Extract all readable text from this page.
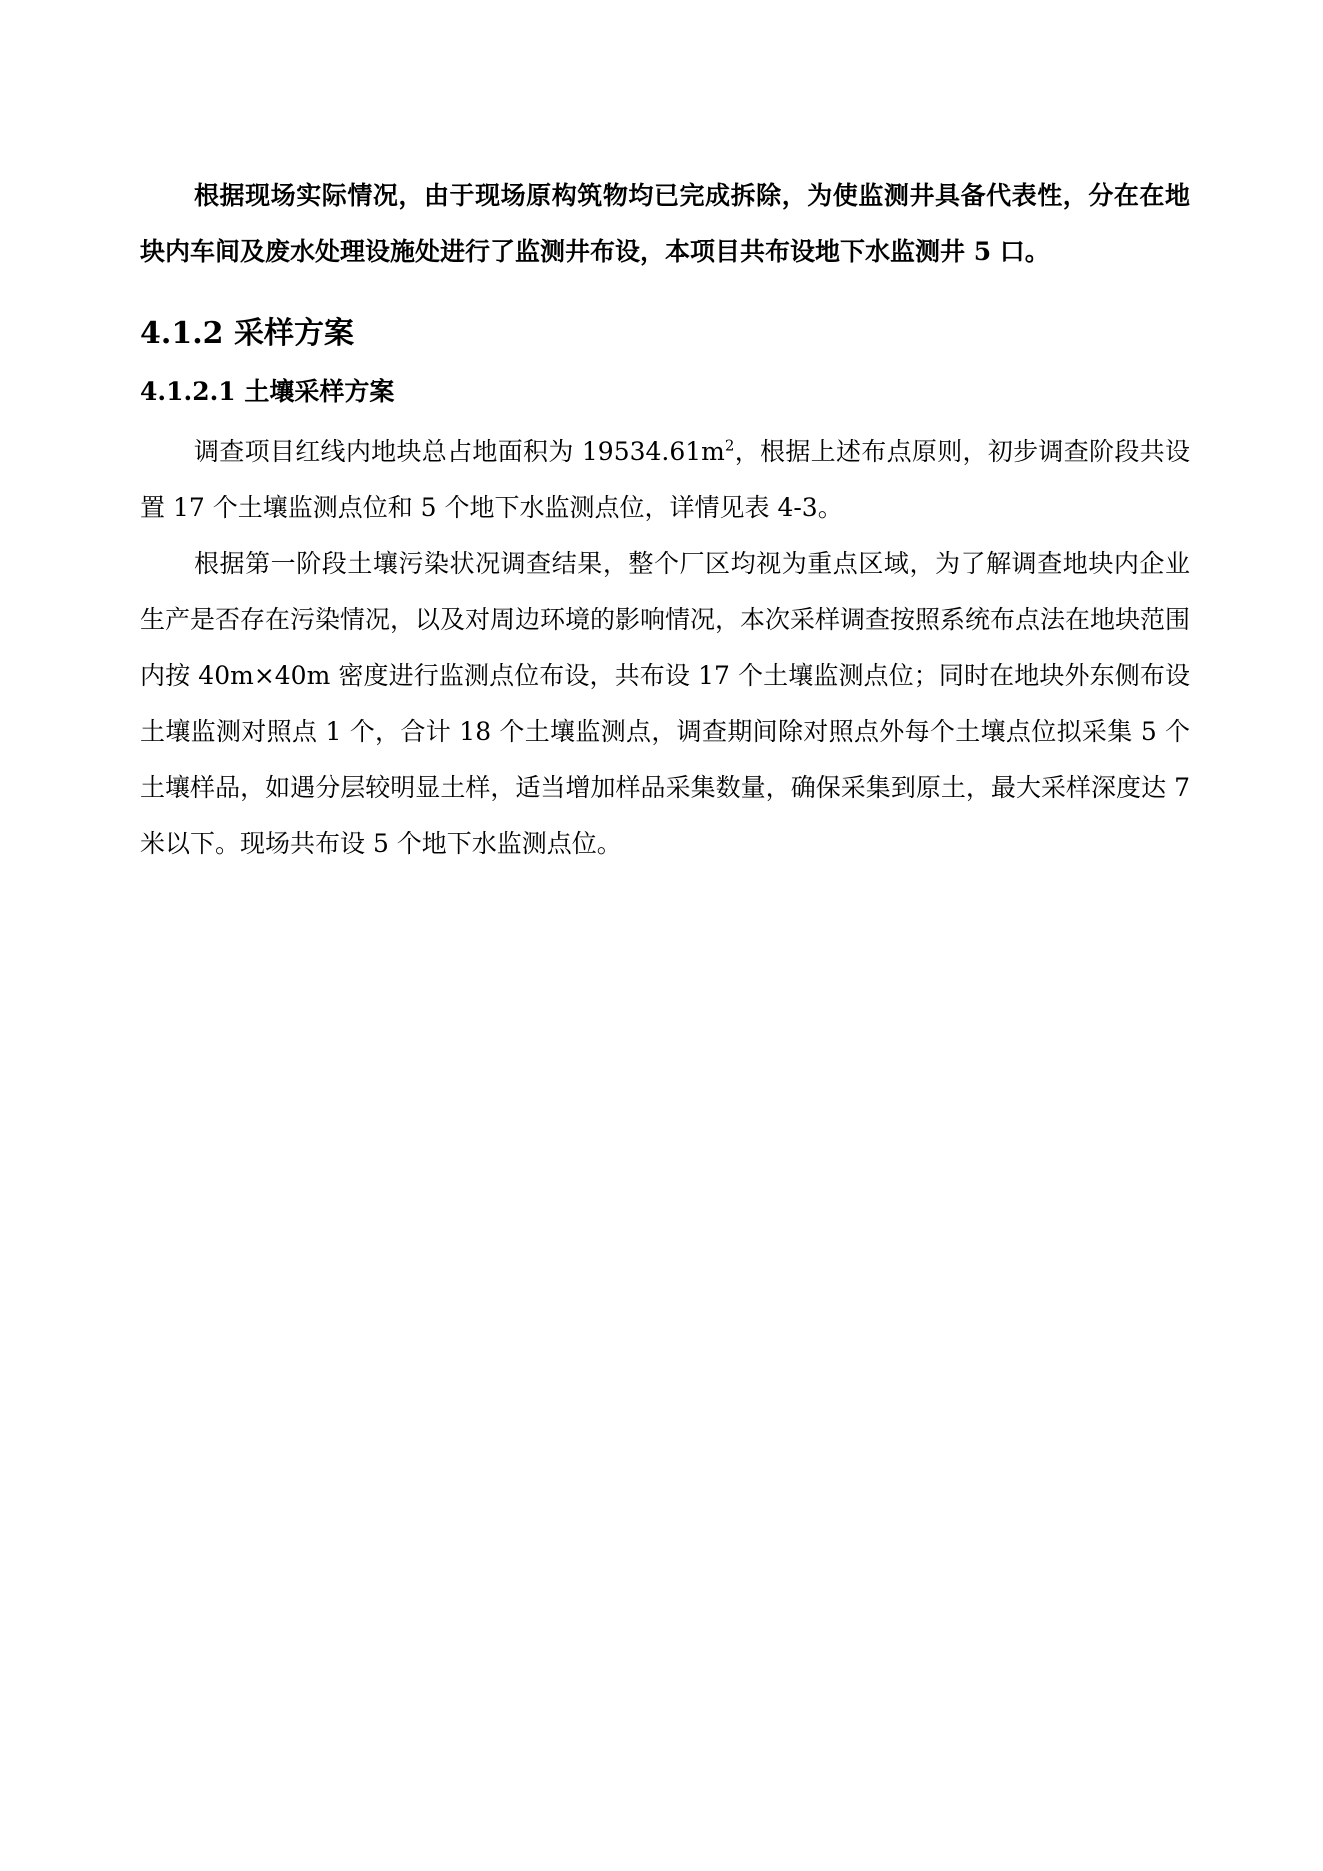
根据现场实际情况，由于现场原构筑物均已完成拆除，为使监测井具备代表性，分在在地块内车间及废水处理设施处进行了监测井布设，本项目共布设地下水监测井 5 口。

4.1.2 采样方案
4.1.2.1 土壤采样方案

调查项目红线内地块总占地面积为 $19534.61m^2$，根据上述布点原则，初步调查阶段共设置 17 个土壤监测点位和 5 个地下水监测点位，详情见表 4-3。

根据第一阶段土壤污染状况调查结果，整个厂区均视为重点区域，为了解调查地块内企业生产是否存在污染情况，以及对周边环境的影响情况，本次采样调查按照系统布点法在地块范围内按 40m×40m 密度进行监测点位布设，共布设 17 个土壤监测点位；同时在地块外东侧布设土壤监测对照点 1 个，合计 18 个土壤监测点，调查期间除对照点外每个土壤点位拟采集 5 个土壤样品，如遇分层较明显土样，适当增加样品采集数量，确保采集到原土，最大采样深度达 7 米以下。现场共布设 5 个地下水监测点位。
